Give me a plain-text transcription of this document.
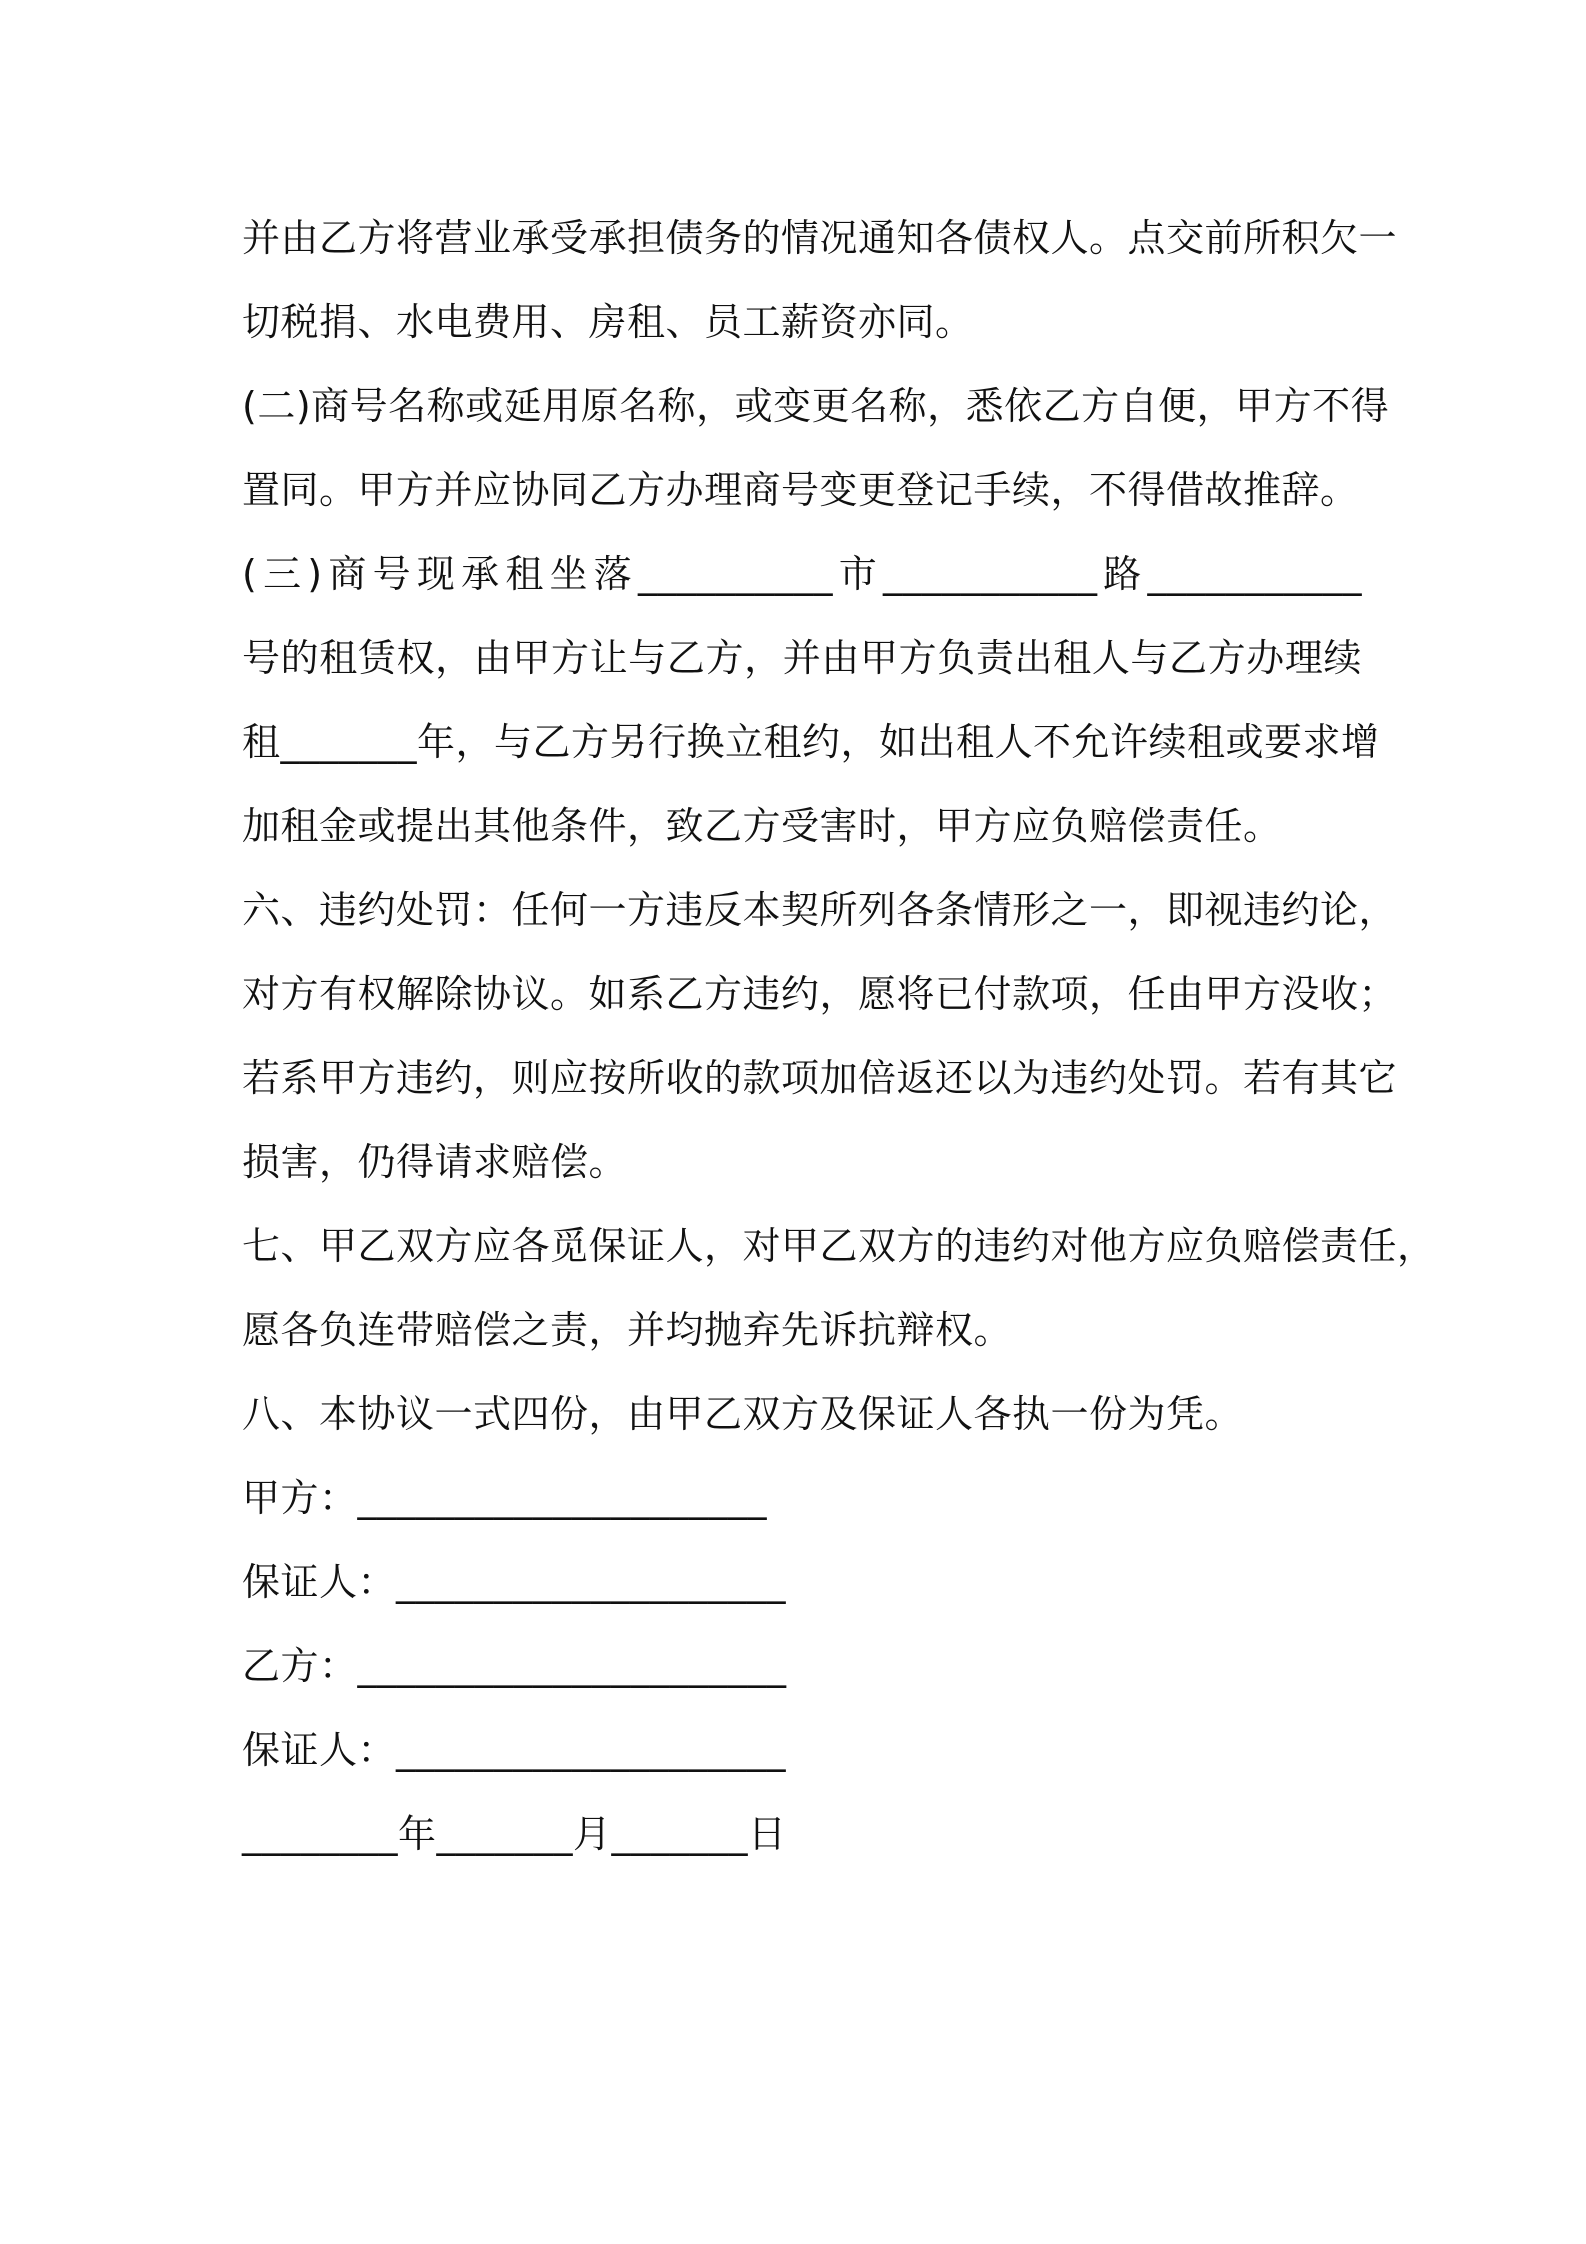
并由乙方将营业承受承担债务的情况通知各债权人。点交前所积欠一
切税捐、水电费用、房租、员工薪资亦同。
(二)商号名称或延用原名称，或变更名称，悉依乙方自便，甲方不得
置同。甲方并应协同乙方办理商号变更登记手续，不得借故推辞。
(三)商号现承租坐落__________市___________路___________
号的租赁权，由甲方让与乙方，并由甲方负责出租人与乙方办理续
租_______年，与乙方另行换立租约，如出租人不允许续租或要求增
加租金或提出其他条件，致乙方受害时，甲方应负赔偿责任。
六、违约处罚：任何一方违反本契所列各条情形之一，即视违约论，
对方有权解除协议。如系乙方违约，愿将已付款项，任由甲方没收；
若系甲方违约，则应按所收的款项加倍返还以为违约处罚。若有其它
损害，仍得请求赔偿。
七、甲乙双方应各觅保证人，对甲乙双方的违约对他方应负赔偿责任，
愿各负连带赔偿之责，并均抛弃先诉抗辩权。
八、本协议一式四份，由甲乙双方及保证人各执一份为凭。
甲方：_____________________
保证人：____________________
乙方：______________________
保证人：____________________
________年_______月_______日
